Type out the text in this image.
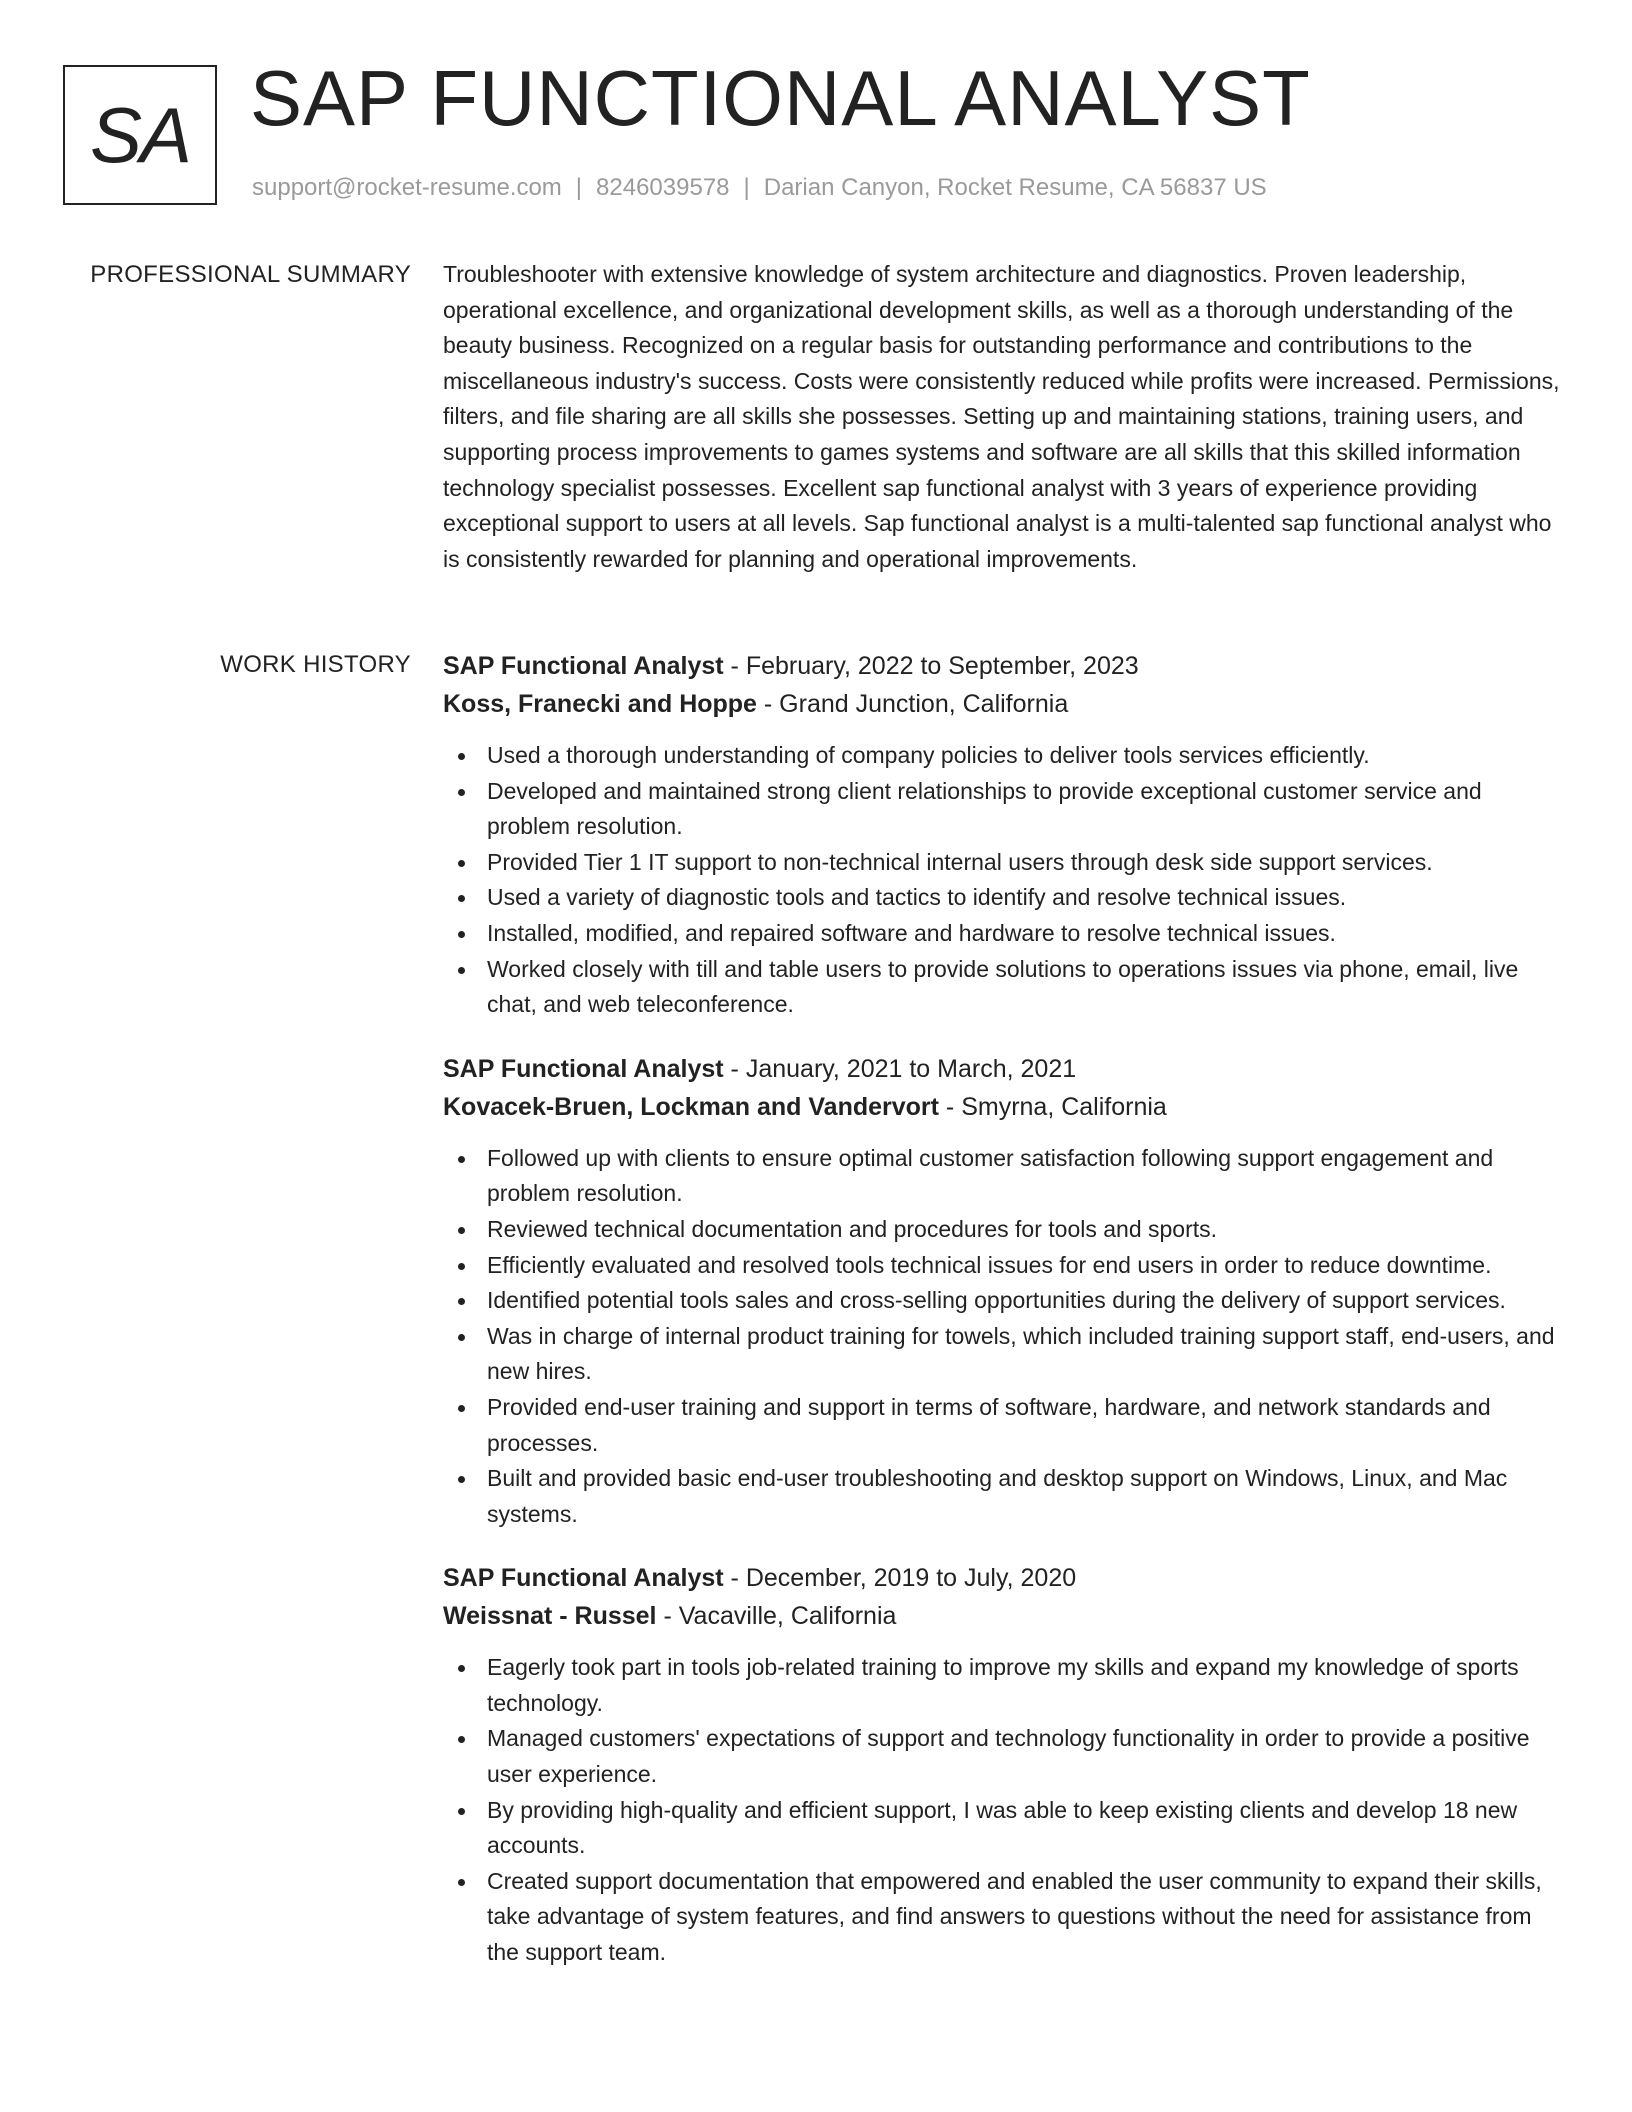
SA SAP FUNCTIONAL ANALYST
support@rocket-resume.com | 8246039578 | Darian Canyon, Rocket Resume, CA 56837 US
PROFESSIONAL SUMMARY Troubleshooter with extensive knowledge of system architecture and diagnostics. Proven leadership, operational excellence, and organizational development skills, as well as a thorough understanding of the beauty business. Recognized on a regular basis for outstanding performance and contributions to the miscellaneous industry's success. Costs were consistently reduced while profits were increased. Permissions, filters, and file sharing are all skills she possesses. Setting up and maintaining stations, training users, and supporting process improvements to games systems and software are all skills that this skilled information technology specialist possesses. Excellent sap functional analyst with 3 years of experience providing exceptional support to users at all levels. Sap functional analyst is a multi-talented sap functional analyst who is consistently rewarded for planning and operational improvements.

WORK HISTORY SAP Functional Analyst - February, 2022 to September, 2023
Koss, Franecki and Hoppe - Grand Junction, California
Used a thorough understanding of company policies to deliver tools services efficiently.
Developed and maintained strong client relationships to provide exceptional customer service and problem resolution.
Provided Tier 1 IT support to non-technical internal users through desk side support services.
Used a variety of diagnostic tools and tactics to identify and resolve technical issues.
Installed, modified, and repaired software and hardware to resolve technical issues.
Worked closely with till and table users to provide solutions to operations issues via phone, email, live chat, and web teleconference.
SAP Functional Analyst - January, 2021 to March, 2021
Kovacek-Bruen, Lockman and Vandervort - Smyrna, California
Followed up with clients to ensure optimal customer satisfaction following support engagement and problem resolution.
Reviewed technical documentation and procedures for tools and sports.
Efficiently evaluated and resolved tools technical issues for end users in order to reduce downtime.
Identified potential tools sales and cross-selling opportunities during the delivery of support services.
Was in charge of internal product training for towels, which included training support staff, end-users, and new hires.
Provided end-user training and support in terms of software, hardware, and network standards and processes.
Built and provided basic end-user troubleshooting and desktop support on Windows, Linux, and Mac systems.
SAP Functional Analyst - December, 2019 to July, 2020
Weissnat - Russel - Vacaville, California
Eagerly took part in tools job-related training to improve my skills and expand my knowledge of sports technology.
Managed customers' expectations of support and technology functionality in order to provide a positive user experience.
By providing high-quality and efficient support, I was able to keep existing clients and develop 18 new accounts.
Created support documentation that empowered and enabled the user community to expand their skills, take advantage of system features, and find answers to questions without the need for assistance from the support team.
